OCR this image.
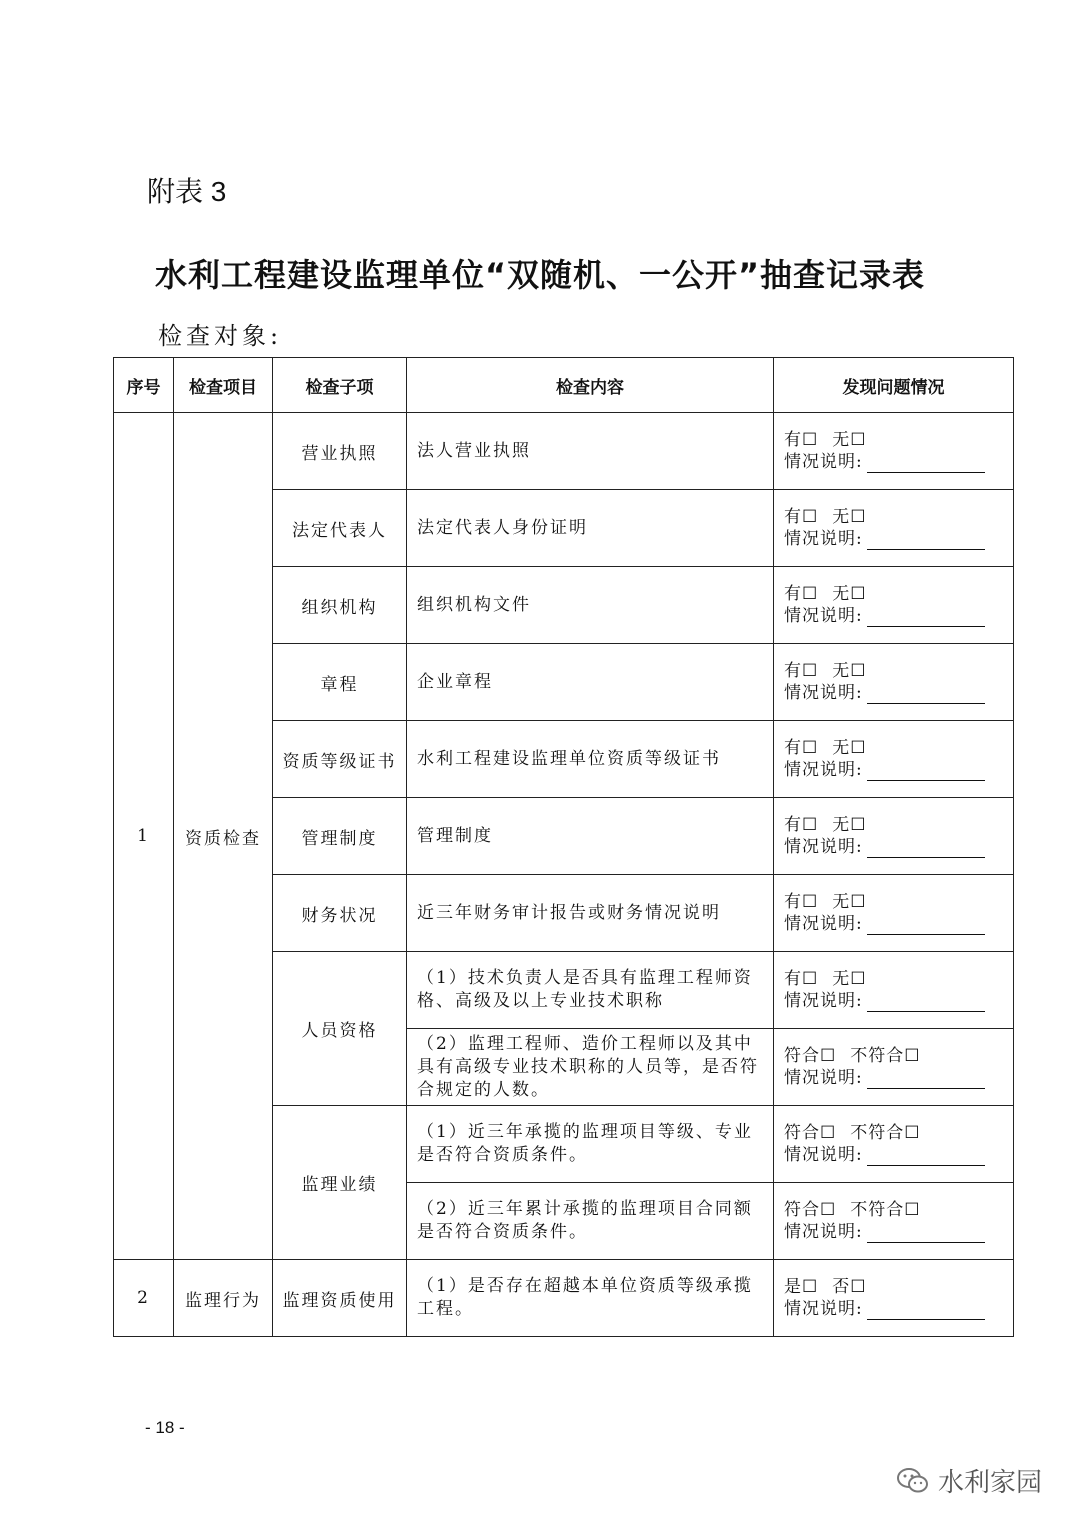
附表 3
水利工程建设监理单位“双随机、一公开”抽查记录表
检查对象:
序号	检查项目	检查子项	检查内容	发现问题情况
1	资质检查	营业执照	法人营业执照	有☐ 无☐
情况说明:

		法定代表人	法定代表人身份证明	有☐ 无☐
情况说明:

		组织机构	组织机构文件	有☐ 无☐
情况说明:

		章程	企业章程	有☐ 无☐
情况说明:

		资质等级证书	水利工程建设监理单位资质等级证书	有☐ 无☐
情况说明:

		管理制度	管理制度	有☐ 无☐
情况说明:

		财务状况	近三年财务审计报告或财务情况说明	有☐ 无☐
情况说明:

		人员资格	（1）技术负责人是否具有监理工程师资格、高级及以上专业技术职称	有☐ 无☐
情况说明:

			（2）监理工程师、造价工程师以及其中具有高级专业技术职称的人员等，是否符合规定的人数。	符合☐ 不符合☐
情况说明:

		监理业绩	（1）近三年承揽的监理项目等级、专业是否符合资质条件。	符合☐ 不符合☐
情况说明:

			（2）近三年累计承揽的监理项目合同额是否符合资质条件。	符合☐ 不符合☐
情况说明:

2	监理行为	监理资质使用	（1）是否存在超越本单位资质等级承揽工程。	是☐ 否☐
情况说明:
- 18 -
水利家园
